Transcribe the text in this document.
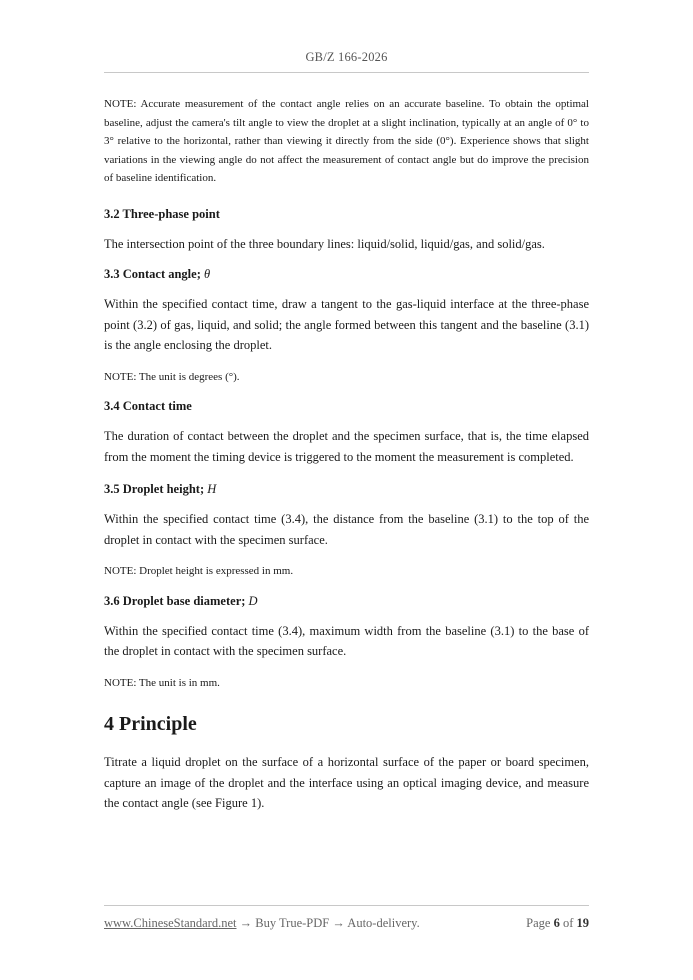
GB/Z 166-2026

NOTE: Accurate measurement of the contact angle relies on an accurate baseline. To obtain the optimal baseline, adjust the camera's tilt angle to view the droplet at a slight inclination, typically at an angle of 0° to 3° relative to the horizontal, rather than viewing it directly from the side (0°). Experience shows that slight variations in the viewing angle do not affect the measurement of contact angle but do improve the precision of baseline identification.

3.2 Three-phase point

The intersection point of the three boundary lines: liquid/solid, liquid/gas, and solid/gas.

3.3 Contact angle; θ

Within the specified contact time, draw a tangent to the gas-liquid interface at the three-phase point (3.2) of gas, liquid, and solid; the angle formed between this tangent and the baseline (3.1) is the angle enclosing the droplet.

NOTE: The unit is degrees (°).

3.4 Contact time

The duration of contact between the droplet and the specimen surface, that is, the time elapsed from the moment the timing device is triggered to the moment the measurement is completed.

3.5 Droplet height; H

Within the specified contact time (3.4), the distance from the baseline (3.1) to the top of the droplet in contact with the specimen surface.

NOTE: Droplet height is expressed in mm.

3.6 Droplet base diameter; D

Within the specified contact time (3.4), maximum width from the baseline (3.1) to the base of the droplet in contact with the specimen surface.

NOTE: The unit is in mm.

4 Principle

Titrate a liquid droplet on the surface of a horizontal surface of the paper or board specimen, capture an image of the droplet and the interface using an optical imaging device, and measure the contact angle (see Figure 1).

www.ChineseStandard.net → Buy True-PDF → Auto-delivery.	Page 6 of 19
